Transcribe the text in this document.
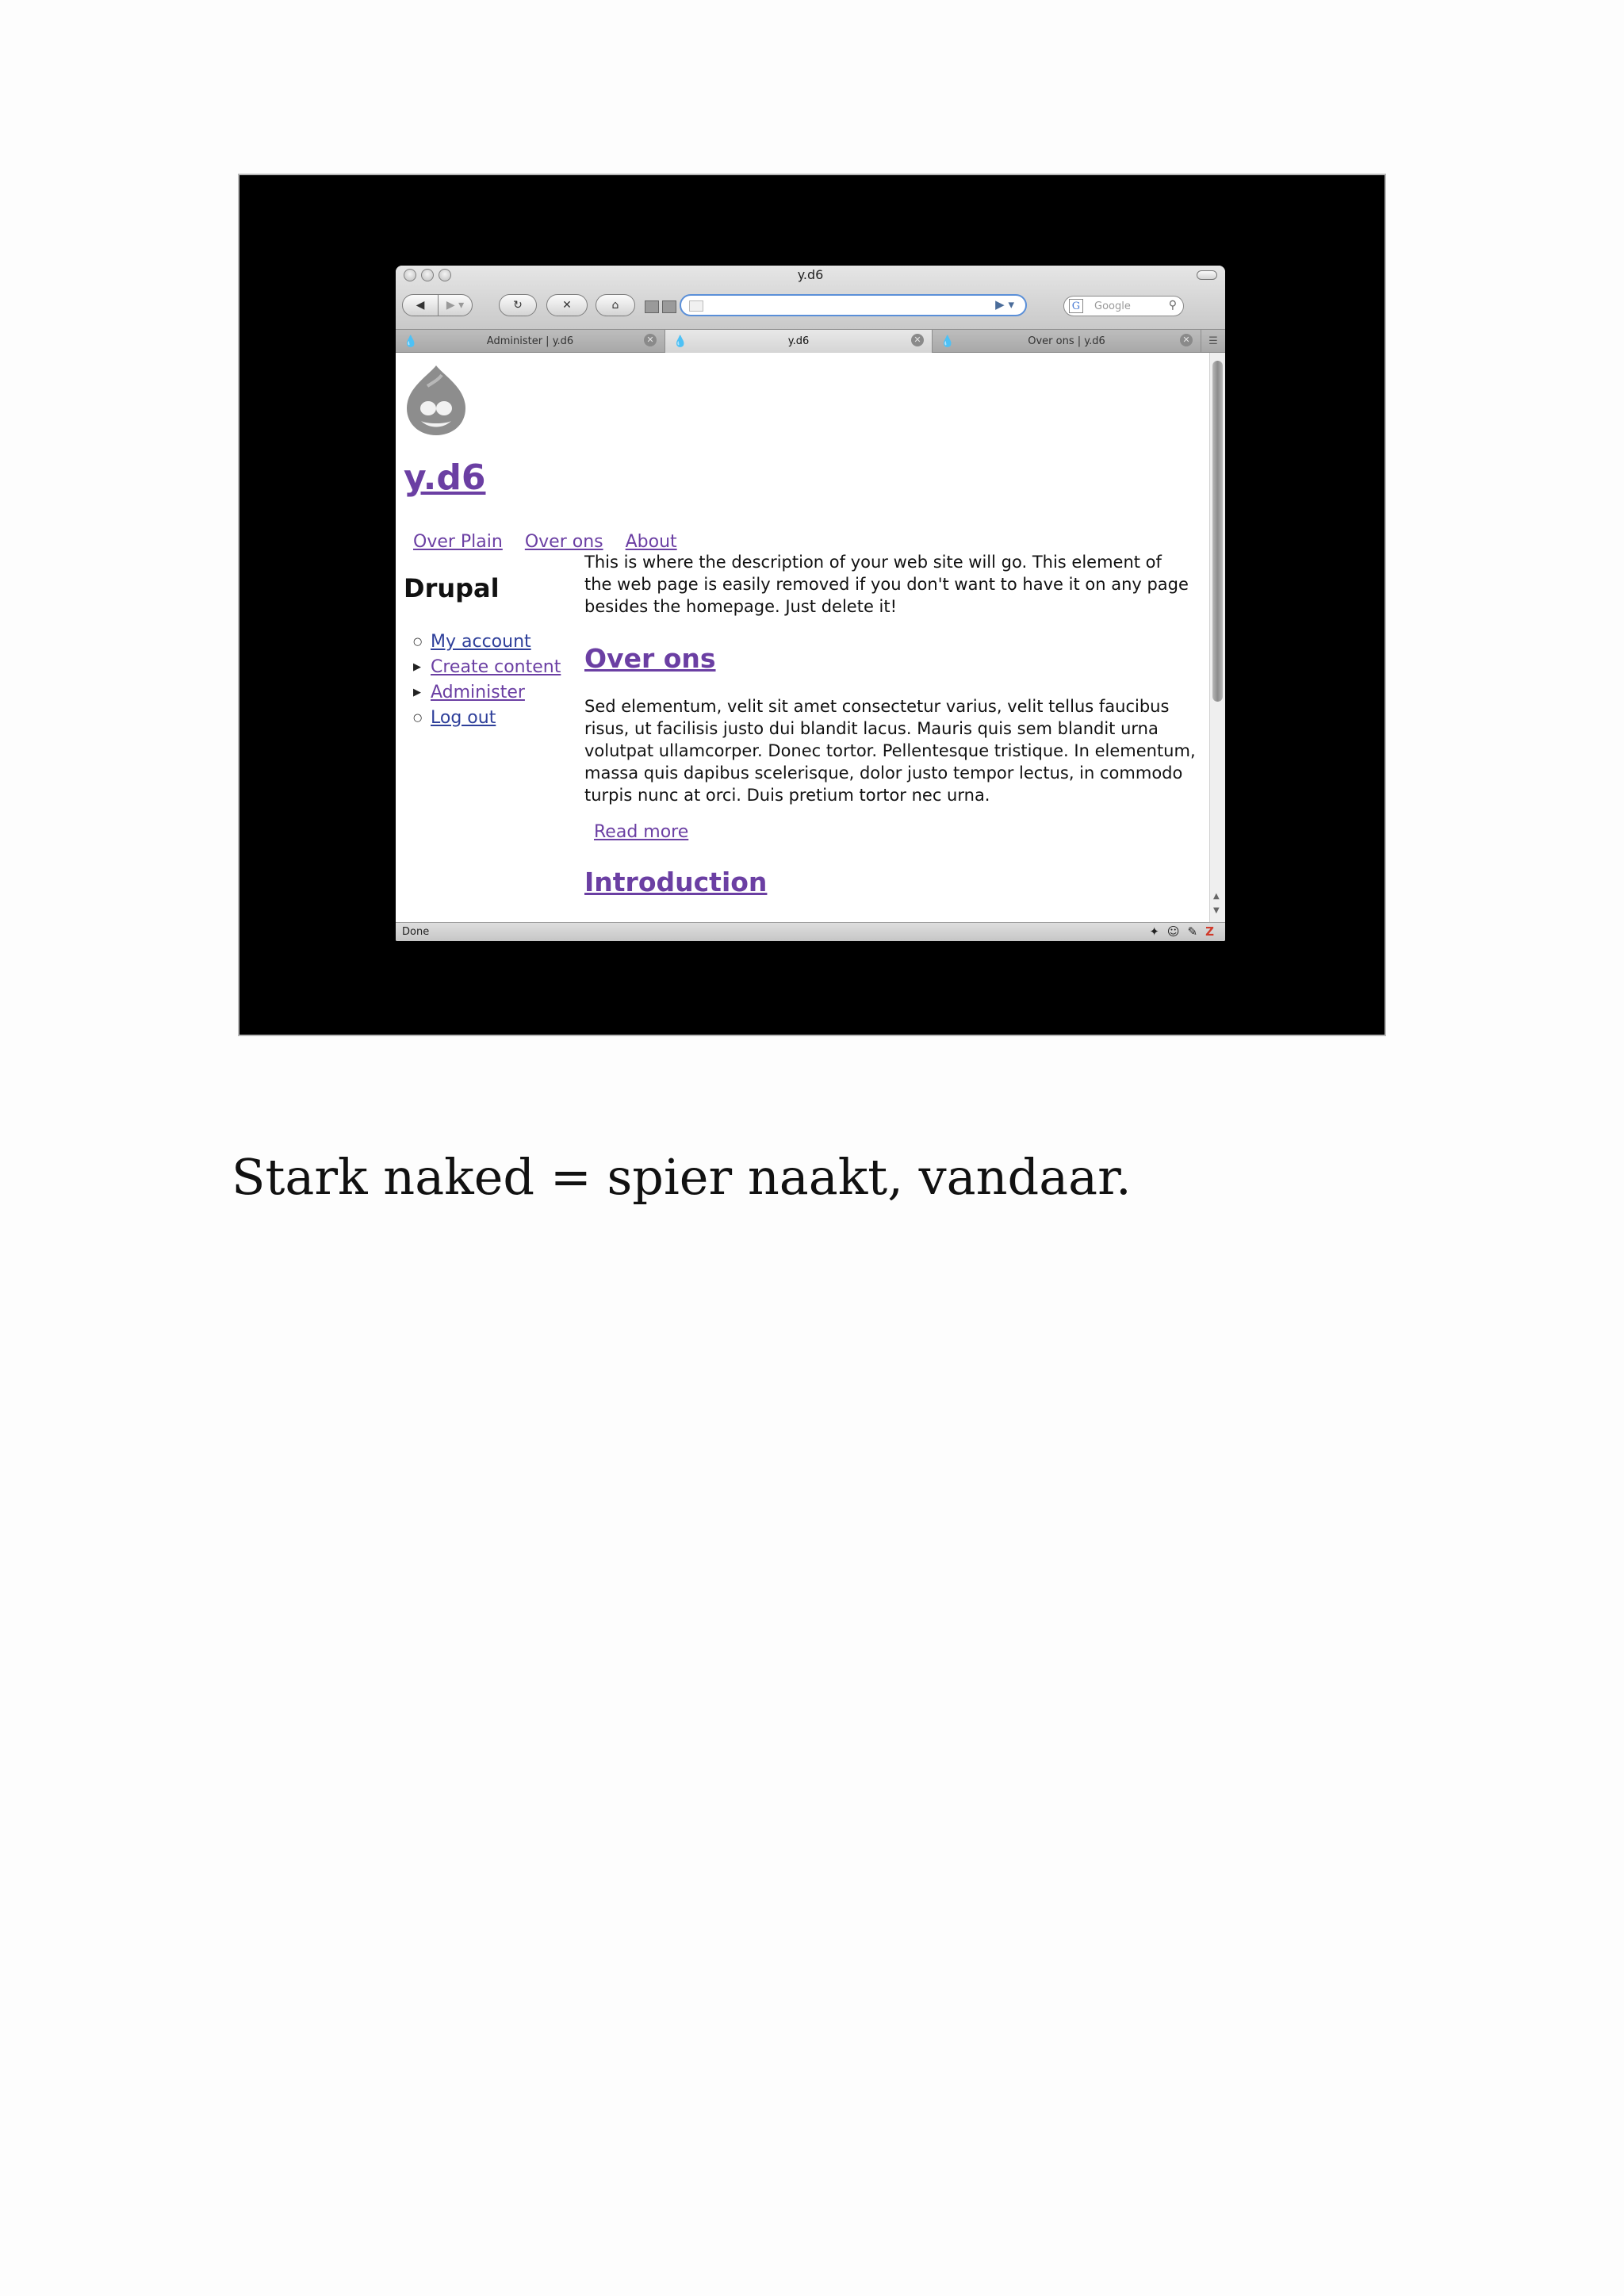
y.d6
◀ ▶ ▾	↻	✕	⌂	▶ ▾	G Google	⚲
💧	Administer | y.d6	✕ 💧	y.d6	✕ 💧	Over ons | y.d6	✕	☰
y.d6
Over Plain Over ons About
This is where the description of your web site will go. This element of the web page is easily removed if you don't want to have it on any page besides the homepage. Just delete it!
Drupal
○ My account
▶ Create content
▶ Administer
○ Log out
Over ons
Sed elementum, velit sit amet consectetur varius, velit tellus faucibus risus, ut facilisis justo dui blandit lacus. Mauris quis sem blandit urna volutpat ullamcorper. Donec tortor. Pellentesque tristique. In elementum, massa quis dapibus scelerisque, dolor justo tempor lectus, in commodo turpis nunc at orci. Duis pretium tortor nec urna.
Read more
Introduction	▲
▼
Done	✦ ☺ ✎ Z
Stark naked = spier naakt, vandaar.
